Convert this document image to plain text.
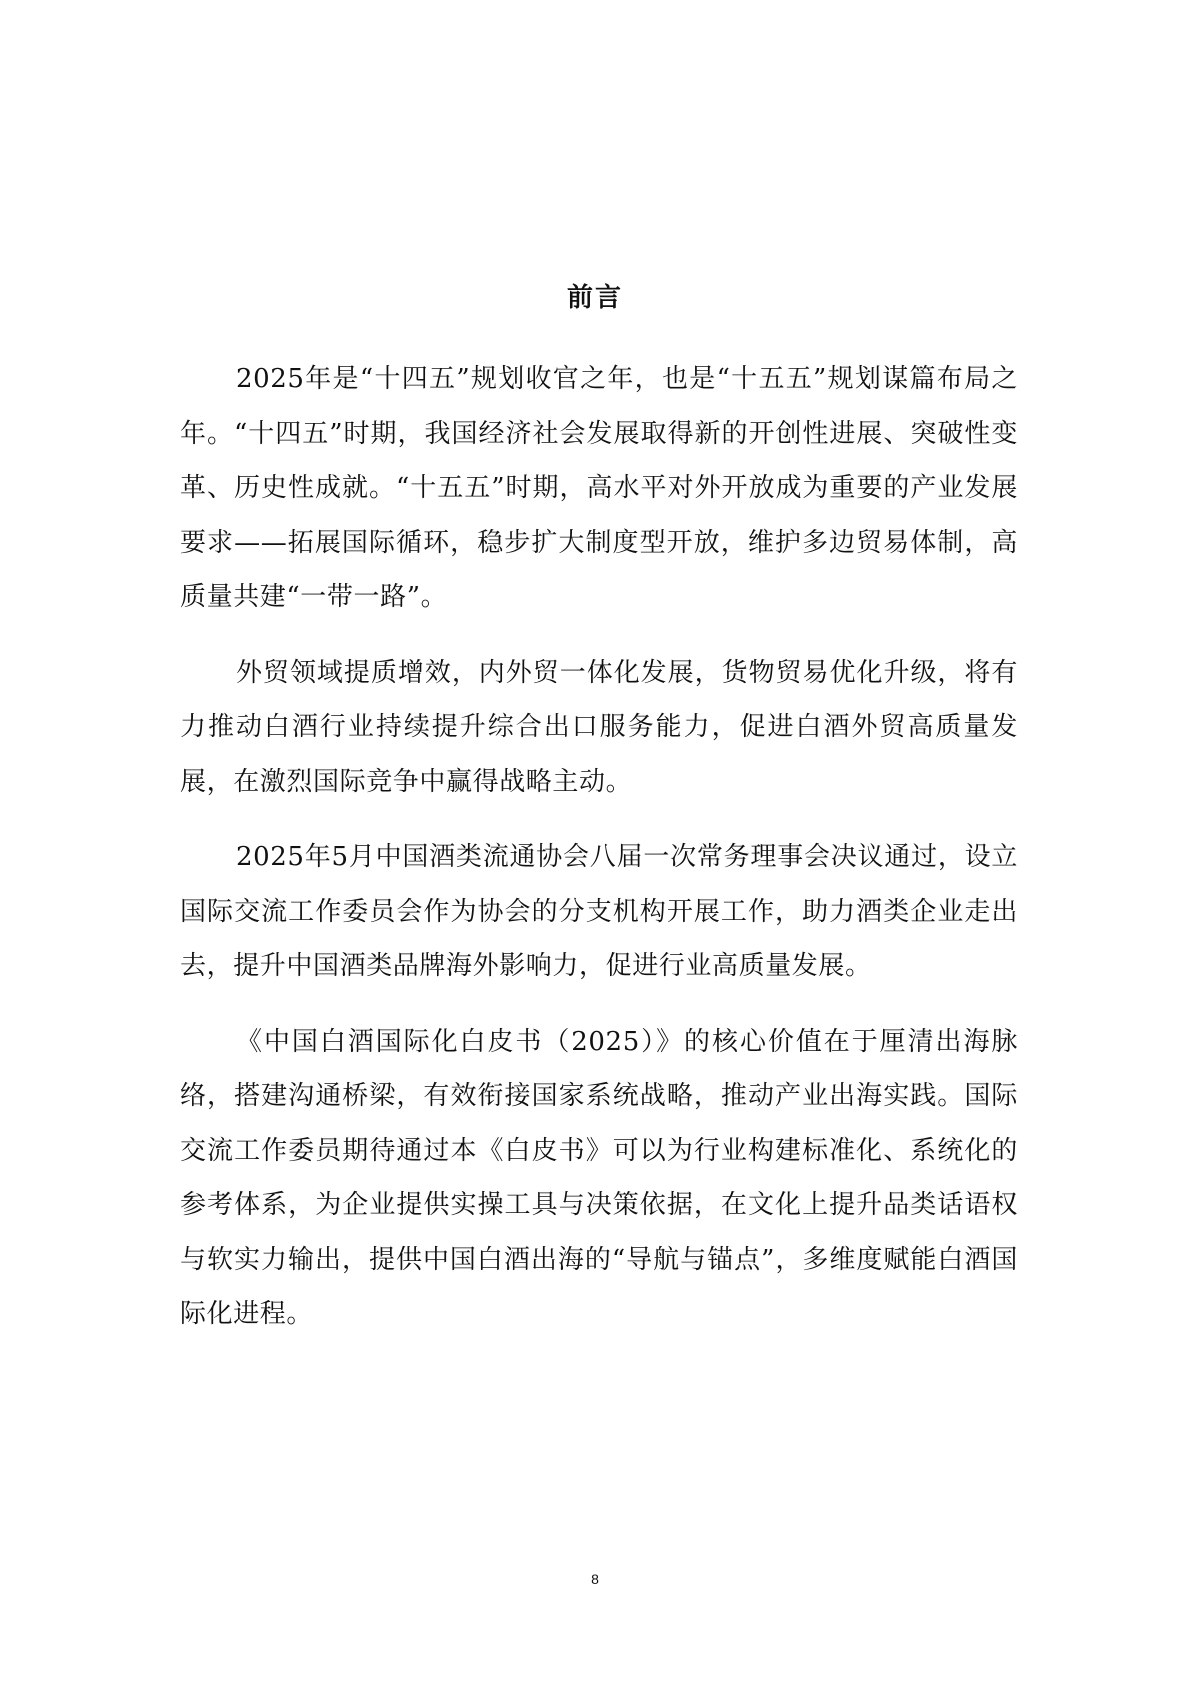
前言

2025年是“十四五”规划收官之年，也是“十五五”规划谋篇布局之年。“十四五”时期，我国经济社会发展取得新的开创性进展、突破性变革、历史性成就。“十五五”时期，高水平对外开放成为重要的产业发展要求——拓展国际循环，稳步扩大制度型开放，维护多边贸易体制，高质量共建“一带一路”。

外贸领域提质增效，内外贸一体化发展，货物贸易优化升级，将有力推动白酒行业持续提升综合出口服务能力，促进白酒外贸高质量发展，在激烈国际竞争中赢得战略主动。

2025年5月中国酒类流通协会八届一次常务理事会决议通过，设立国际交流工作委员会作为协会的分支机构开展工作，助力酒类企业走出去，提升中国酒类品牌海外影响力，促进行业高质量发展。

《中国白酒国际化白皮书（2025）》的核心价值在于厘清出海脉络，搭建沟通桥梁，有效衔接国家系统战略，推动产业出海实践。国际交流工作委员期待通过本《白皮书》可以为行业构建标准化、系统化的参考体系，为企业提供实操工具与决策依据，在文化上提升品类话语权与软实力输出，提供中国白酒出海的“导航与锚点”，多维度赋能白酒国际化进程。

8
